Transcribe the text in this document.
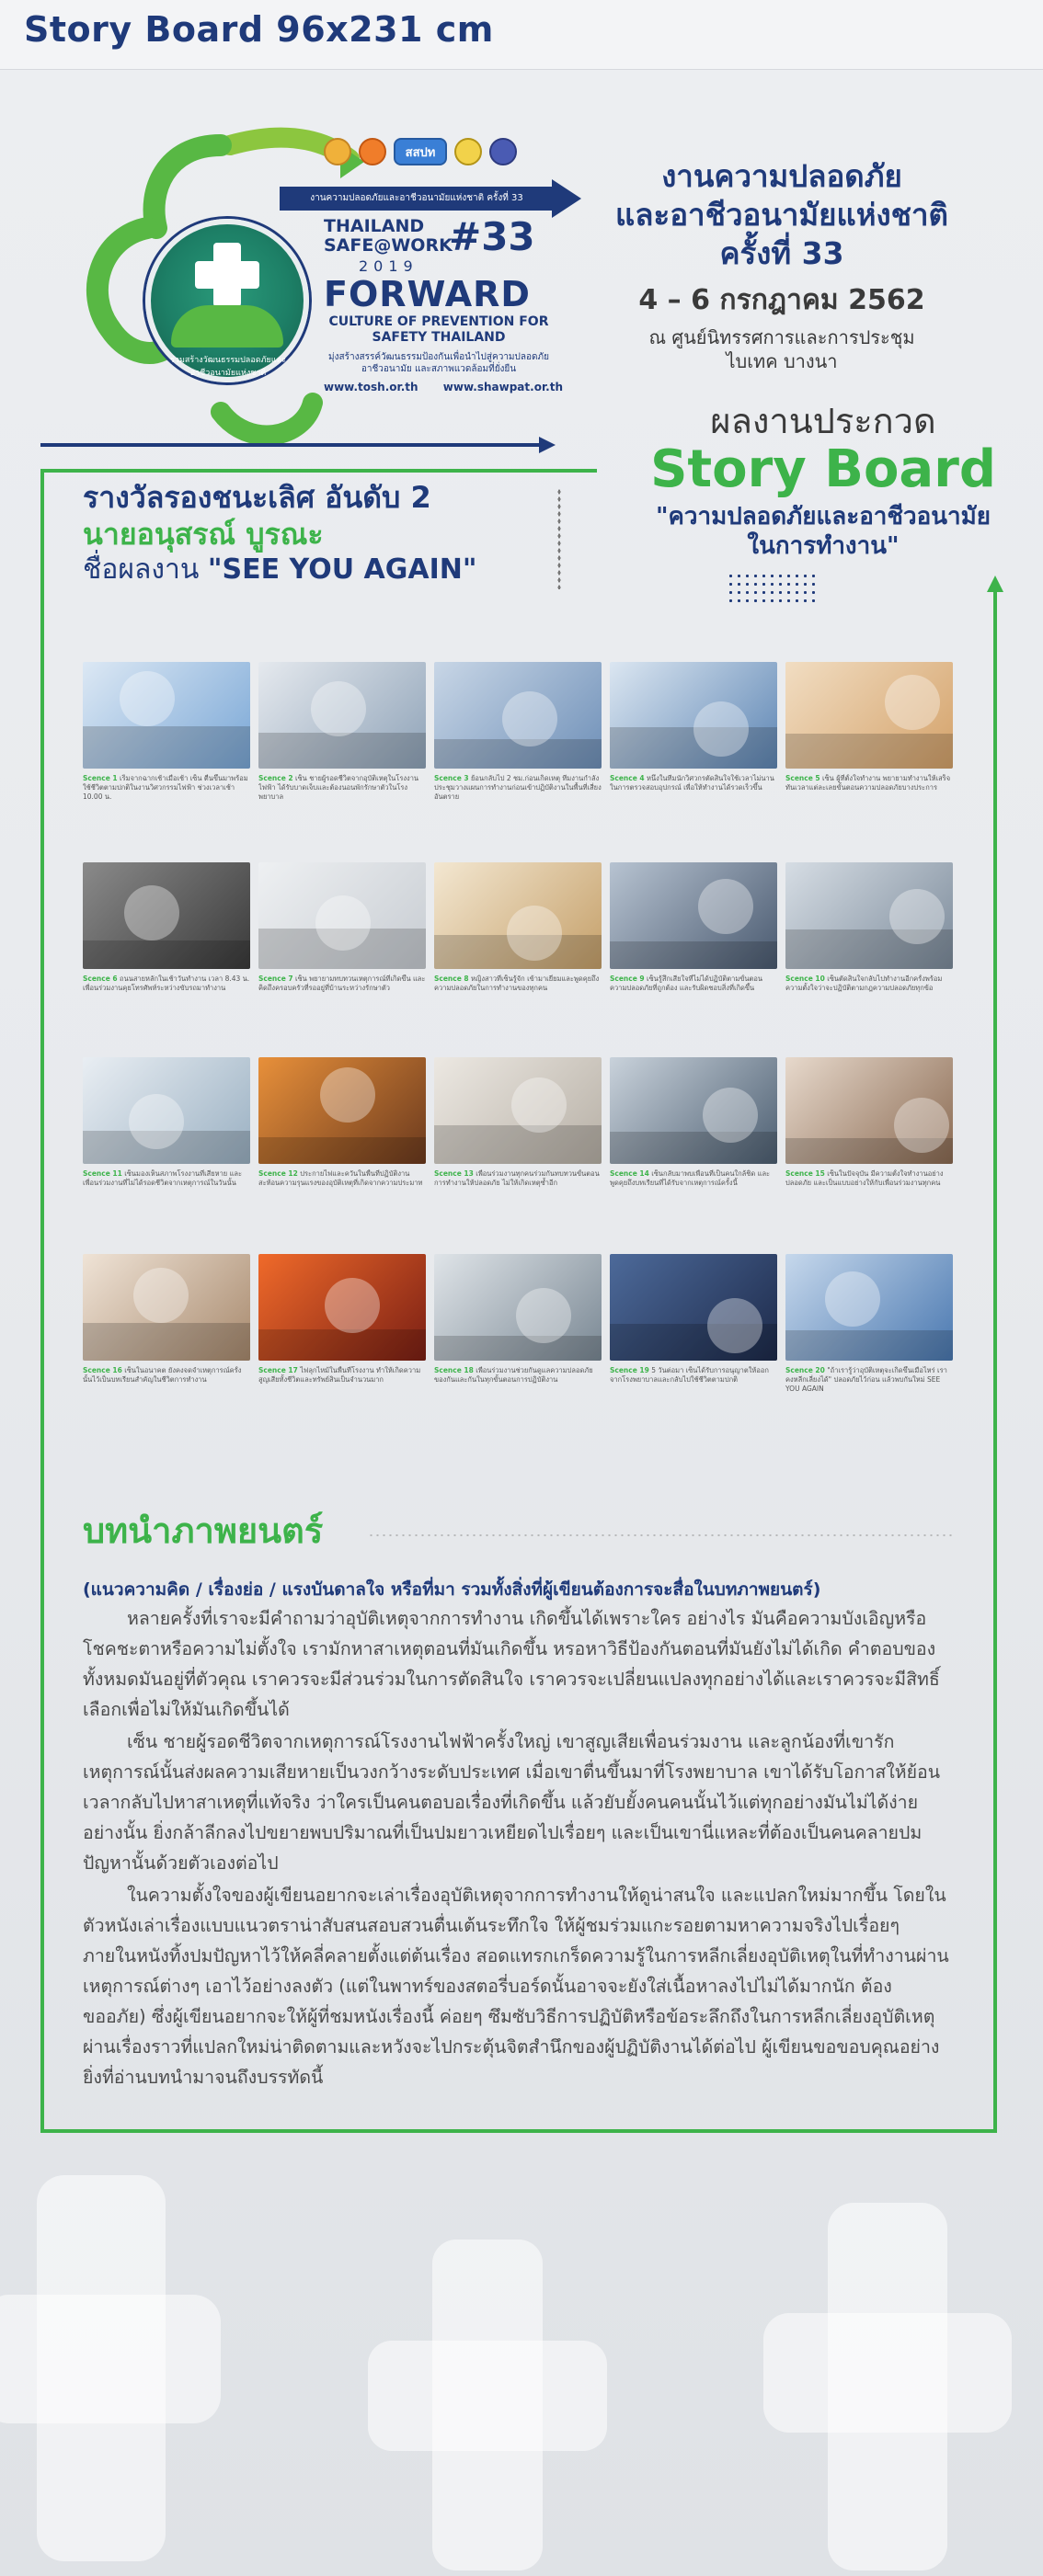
Story Board 96x231 cm
สสปท
งานความปลอดภัยและอาชีวอนามัยแห่งชาติ ครั้งที่ 33
ร่วมสร้างวัฒนธรรมปลอดภัยและอาชีวอนามัยแห่งชาติ
THAILAND
SAFE@WORK
#33
2019
FORWARD
CULTURE OF PREVENTION FOR SAFETY THAILAND
มุ่งสร้างสรรค์วัฒนธรรมป้องกันเพื่อนำไปสู่ความปลอดภัย อาชีวอนามัย และสภาพแวดล้อมที่ยั่งยืน
www.tosh.or.th www.shawpat.or.th
งานความปลอดภัย
และอาชีวอนามัยแห่งชาติ
ครั้งที่ 33
4 – 6 กรกฎาคม 2562
ณ ศูนย์นิทรรศการและการประชุม
ไบเทค บางนา
ผลงานประกวด
Story Board
"ความปลอดภัยและอาชีวอนามัย
ในการทำงาน"
รางวัลรองชนะเลิศ อันดับ 2
นายอนุสรณ์ บูรณะ
ชื่อผลงาน "SEE YOU AGAIN"
Scence 1 เริ่มจากฉากเช้าเมื่อเช้า เซ็น ตื่นขึ้นมาพร้อมใช้ชีวิตตามปกติในงานวิศวกรรมไฟฟ้า ช่วงเวลาเช้า 10.00 น.
Scence 2 เซ็น ชายผู้รอดชีวิตจากอุบัติเหตุในโรงงานไฟฟ้า ได้รับบาดเจ็บและต้องนอนพักรักษาตัวในโรงพยาบาล
Scence 3 ย้อนกลับไป 2 ชม.ก่อนเกิดเหตุ ทีมงานกำลังประชุมวางแผนการทำงานก่อนเข้าปฏิบัติงานในพื้นที่เสี่ยงอันตราย
Scence 4 หนึ่งในทีมนักวิศวกรตัดสินใจใช้เวลาไม่นานในการตรวจสอบอุปกรณ์ เพื่อให้ทำงานได้รวดเร็วขึ้น
Scence 5 เซ็น ผู้ที่ตั้งใจทำงาน พยายามทำงานให้เสร็จทันเวลาแต่ละเลยขั้นตอนความปลอดภัยบางประการ
Scence 6 ถนนสายหลักในเช้าวันทำงาน เวลา 8.43 น. เพื่อนร่วมงานคุยโทรศัพท์ระหว่างขับรถมาทำงาน
Scence 7 เซ็น พยายามทบทวนเหตุการณ์ที่เกิดขึ้น และคิดถึงครอบครัวที่รออยู่ที่บ้านระหว่างรักษาตัว
Scence 8 หญิงสาวที่เซ็นรู้จัก เข้ามาเยี่ยมและพูดคุยถึงความปลอดภัยในการทำงานของทุกคน
Scence 9 เซ็นรู้สึกเสียใจที่ไม่ได้ปฏิบัติตามขั้นตอนความปลอดภัยที่ถูกต้อง และรับผิดชอบสิ่งที่เกิดขึ้น
Scence 10 เซ็นตัดสินใจกลับไปทำงานอีกครั้งพร้อมความตั้งใจว่าจะปฏิบัติตามกฎความปลอดภัยทุกข้อ
Scence 11 เซ็นมองเห็นสภาพโรงงานที่เสียหาย และเพื่อนร่วมงานที่ไม่ได้รอดชีวิตจากเหตุการณ์ในวันนั้น
Scence 12 ประกายไฟและควันในพื้นที่ปฏิบัติงาน สะท้อนความรุนแรงของอุบัติเหตุที่เกิดจากความประมาท
Scence 13 เพื่อนร่วมงานทุกคนร่วมกันทบทวนขั้นตอนการทำงานให้ปลอดภัย ไม่ให้เกิดเหตุซ้ำอีก
Scence 14 เซ็นกลับมาพบเพื่อนที่เป็นคนใกล้ชิด และพูดคุยถึงบทเรียนที่ได้รับจากเหตุการณ์ครั้งนี้
Scence 15 เซ็นในปัจจุบัน มีความตั้งใจทำงานอย่างปลอดภัย และเป็นแบบอย่างให้กับเพื่อนร่วมงานทุกคน
Scence 16 เซ็นในอนาคต ยังคงจดจำเหตุการณ์ครั้งนั้นไว้เป็นบทเรียนสำคัญในชีวิตการทำงาน
Scence 17 ไฟลุกไหม้ในพื้นที่โรงงาน ทำให้เกิดความสูญเสียทั้งชีวิตและทรัพย์สินเป็นจำนวนมาก
Scence 18 เพื่อนร่วมงานช่วยกันดูแลความปลอดภัยของกันและกันในทุกขั้นตอนการปฏิบัติงาน
Scence 19 5 วันต่อมา เซ็นได้รับการอนุญาตให้ออกจากโรงพยาบาลและกลับไปใช้ชีวิตตามปกติ
Scence 20 "ถ้าเรารู้ว่าอุบัติเหตุจะเกิดขึ้นเมื่อไหร่ เราคงหลีกเลี่ยงได้" ปลอดภัยไว้ก่อน แล้วพบกันใหม่ SEE YOU AGAIN
บทนำภาพยนตร์
(แนวความคิด / เรื่องย่อ / แรงบันดาลใจ หรือที่มา รวมทั้งสิ่งที่ผู้เขียนต้องการจะสื่อในบทภาพยนตร์)

หลายครั้งที่เราจะมีคำถามว่าอุบัติเหตุจากการทำงาน เกิดขึ้นได้เพราะใคร อย่างไร มันคือความบังเอิญหรือโชคชะตาหรือความไม่ตั้งใจ เรามักหาสาเหตุตอนที่มันเกิดขึ้น หรอหาวิธีป้องกันตอนที่มันยังไม่ได้เกิด คำตอบของทั้งหมดมันอยู่ที่ตัวคุณ เราควรจะมีส่วนร่วมในการตัดสินใจ เราควรจะเปลี่ยนแปลงทุกอย่างได้และเราควรจะมีสิทธิ์เลือกเพื่อไม่ให้มันเกิดขึ้นได้

เซ็น ชายผู้รอดชีวิตจากเหตุการณ์โรงงานไฟฟ้าครั้งใหญ่ เขาสูญเสียเพื่อนร่วมงาน และลูกน้องที่เขารักเหตุการณ์นั้นส่งผลความเสียหายเป็นวงกว้างระดับประเทศ เมื่อเขาตื่นขึ้นมาที่โรงพยาบาล เขาได้รับโอกาสให้ย้อนเวลากลับไปหาสาเหตุที่แท้จริง ว่าใครเป็นคนตอบอเรื่องที่เกิดขึ้น แล้วยับยั้งคนคนนั้นไว้แต่ทุกอย่างมันไม่ได้ง่ายอย่างนั้น ยิ่งกล้าลีกลงไปขยายพบปริมาณที่เป็นปมยาวเหยียดไปเรื่อยๆ และเป็นเขานี่แหละที่ต้องเป็นคนคลายปมปัญหานั้นด้วยตัวเองต่อไป

ในความตั้งใจของผู้เขียนอยากจะเล่าเรื่องอุบัติเหตุจากการทำงานให้ดูน่าสนใจ และแปลกใหม่มากขึ้น โดยในตัวหนังเล่าเรื่องแบบแนวตราน่าสับสนสอบสวนตื่นเต้นระทึกใจ ให้ผู้ชมร่วมแกะรอยตามหาความจริงไปเรื่อยๆ ภายในหนังทิ้งปมปัญหาไว้ให้คลี่คลายตั้งแต่ต้นเรื่อง สอดแทรกเกร็ดความรู้ในการหลีกเลี่ยงอุบัติเหตุในที่ทำงานผ่านเหตุการณ์ต่างๆ เอาไว้อย่างลงตัว (แต่ในพาทร์ของสตอรี่บอร์ดนั้นอาจจะยังใส่เนื้อหาลงไปไม่ได้มากนัก ต้องขออภัย) ซึ่งผู้เขียนอยากจะให้ผู้ที่ชมหนังเรื่องนี้ ค่อยๆ ซึมซับวิธีการปฏิบัติหรือข้อระลึกถึงในการหลีกเลี่ยงอุบัติเหตุ ผ่านเรื่องราวที่แปลกใหม่น่าติดตามและหวังจะไปกระตุ้นจิตสำนึกของผู้ปฏิบัติงานได้ต่อไป ผู้เขียนขอขอบคุณอย่างยิ่งที่อ่านบทนำมาจนถึงบรรทัดนี้
